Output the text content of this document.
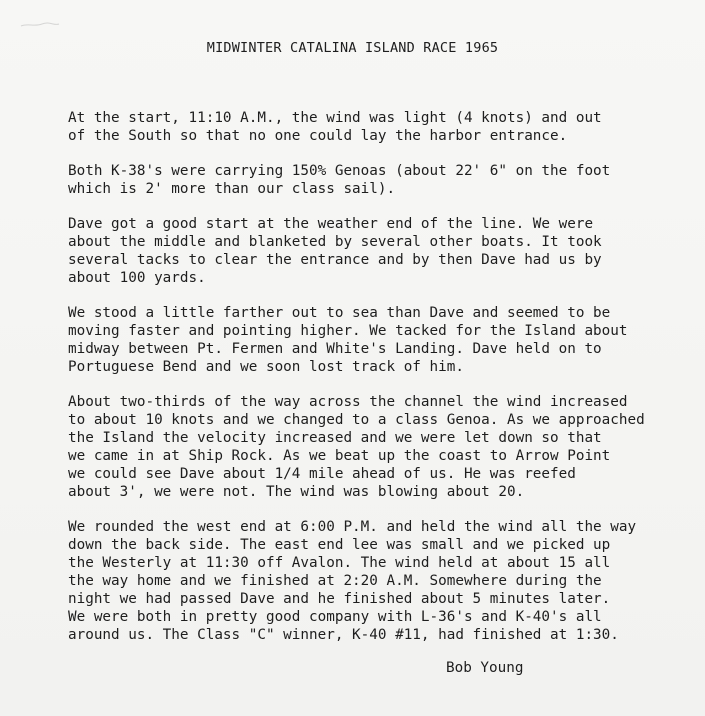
MIDWINTER CATALINA ISLAND RACE 1965
At the start, 11:10 A.M., the wind was light (4 knots) and out
of the South so that no one could lay the harbor entrance.
Both K-38's were carrying 150% Genoas (about 22' 6" on the foot
which is 2' more than our class sail).
Dave got a good start at the weather end of the line. We were
about the middle and blanketed by several other boats. It took
several tacks to clear the entrance and by then Dave had us by
about 100 yards.
We stood a little farther out to sea than Dave and seemed to be
moving faster and pointing higher. We tacked for the Island about
midway between Pt. Fermen and White's Landing. Dave held on to
Portuguese Bend and we soon lost track of him.
About two-thirds of the way across the channel the wind increased
to about 10 knots and we changed to a class Genoa. As we approached
the Island the velocity increased and we were let down so that
we came in at Ship Rock. As we beat up the coast to Arrow Point
we could see Dave about 1/4 mile ahead of us. He was reefed
about 3', we were not. The wind was blowing about 20.
We rounded the west end at 6:00 P.M. and held the wind all the way
down the back side. The east end lee was small and we picked up
the Westerly at 11:30 off Avalon. The wind held at about 15 all
the way home and we finished at 2:20 A.M. Somewhere during the
night we had passed Dave and he finished about 5 minutes later.
We were both in pretty good company with L-36's and K-40's all
around us. The Class "C" winner, K-40 #11, had finished at 1:30.
Bob Young
